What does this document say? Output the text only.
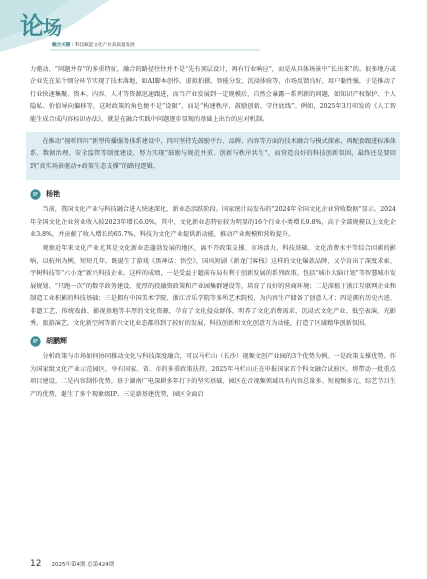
论场
融合关键｜科技赋能文化产业高质量发展

力驱动、“问题并存”的多重特征，融合的路径往往并不是“先有顶层设计，再有行业响应”，而是从具体场景中“长出来”的。很多地方或企业先在某个细分环节实现了技术落地，如AI脚本创作、虚拟拍摄、智能分发、沉浸体验等，市场反馈良好，用户黏性强，于是推动了行业快速集聚。资本、内容、人才等资源迅速跟进，而当产业发展到一定规模后，自然会暴露一系列新的问题，如知识产权保护、个人隐私、价值导向偏移等，这时政策的角色便不是“设限”，而是“构建秩序、鼓励创新、守住底线”。例如，2025年3月印发的《人工智能生成合成内容标识办法》，就是在融合实践中问题逐步显现的基础上出台的应对机制。

在推动“视听四川”新型传播服务体系建设中，四川坚持先鼓励平台、品牌、内容等方面的技术融合与模式探索，再配套跟进标准体系、数据治理、安全监管等制度建设，努力实现“鼓励与规范并重、创新与秩序共生”，而营造良好的科技创新氛围，最终还是要回到“真实场景驱动+政策生态支撑”的路径逻辑。

杨艳

当前，我国文化产业与科技融合进入快速深化、新业态活跃阶段。国家统计局发布的“2024年全国文化企业营收数据”显示，2024年全国文化企业营业收入较2023年增长6.0%，其中，文化新业态特征较为明显的16个行业小类增长9.8%，高于全部规模以上文化企业3.8%，并贡献了收入增长的65.7%，科技为文化产业提供新动能，推动产业规模和营收提升。

观察近年来文化产业尤其是文化新业态蓬勃发展的地区，离不开政策支撑、市场活力、科技基础、文化消费水平等综合因素的影响，以杭州为例，短短几年，既诞生了游戏《黑神话：悟空》，国风短剧《新龙门客栈》这样的文化爆款品牌，又孕育出了深度求索、宇树科技等“六小龙”新兴科技企业。这样的成绩，一是受益于超前布局有利于创新发展的系列政策。包括“城市大脑计划”等智慧城市发展规划、“只跑一次”的数字政务建设、优厚的投融资政策和产业园集群建设等，培育了良好的营商环境；二是深植于浙江互联网企业和制造工业积累的科技基础；三是拥有中国美术学院、浙江音乐学院等多所艺术院校，为内容生产储备了创意人才；四是拥有历史古迹、非遗工艺、传统戏曲、影视基地等丰厚的文化资源，孕育了文化侵众群体，明养了文化消费需求，沉浸式文化产业、低空表演、光影秀、旅游演艺、文化新空间等新兴文化业态都得到了较好的发展，科技创新和文化创意互为动能，打造了区域精华创新氛围。

胡鹏辉

分析政策与市场如何协同推动文化与科技深度融合，可以马栏山（长沙）视频文创产业园的3个优势为例。一是政策支撑优势。作为国家级文化产业示范园区，享有国家、省、市的多重政策扶持。2025年马栏山正在申报国家首个科文融合试验区，将带动一批重点项目建设。二是内容制作优势。基于湖南广电深耕多年打下的坚实基础，园区在音视频领域具有内容总量多、短视频多元、综艺节目生产的优势，诞生了多个现象级IP。三是新基建优势，园区全面启

12 2025年第4期 总第424期
